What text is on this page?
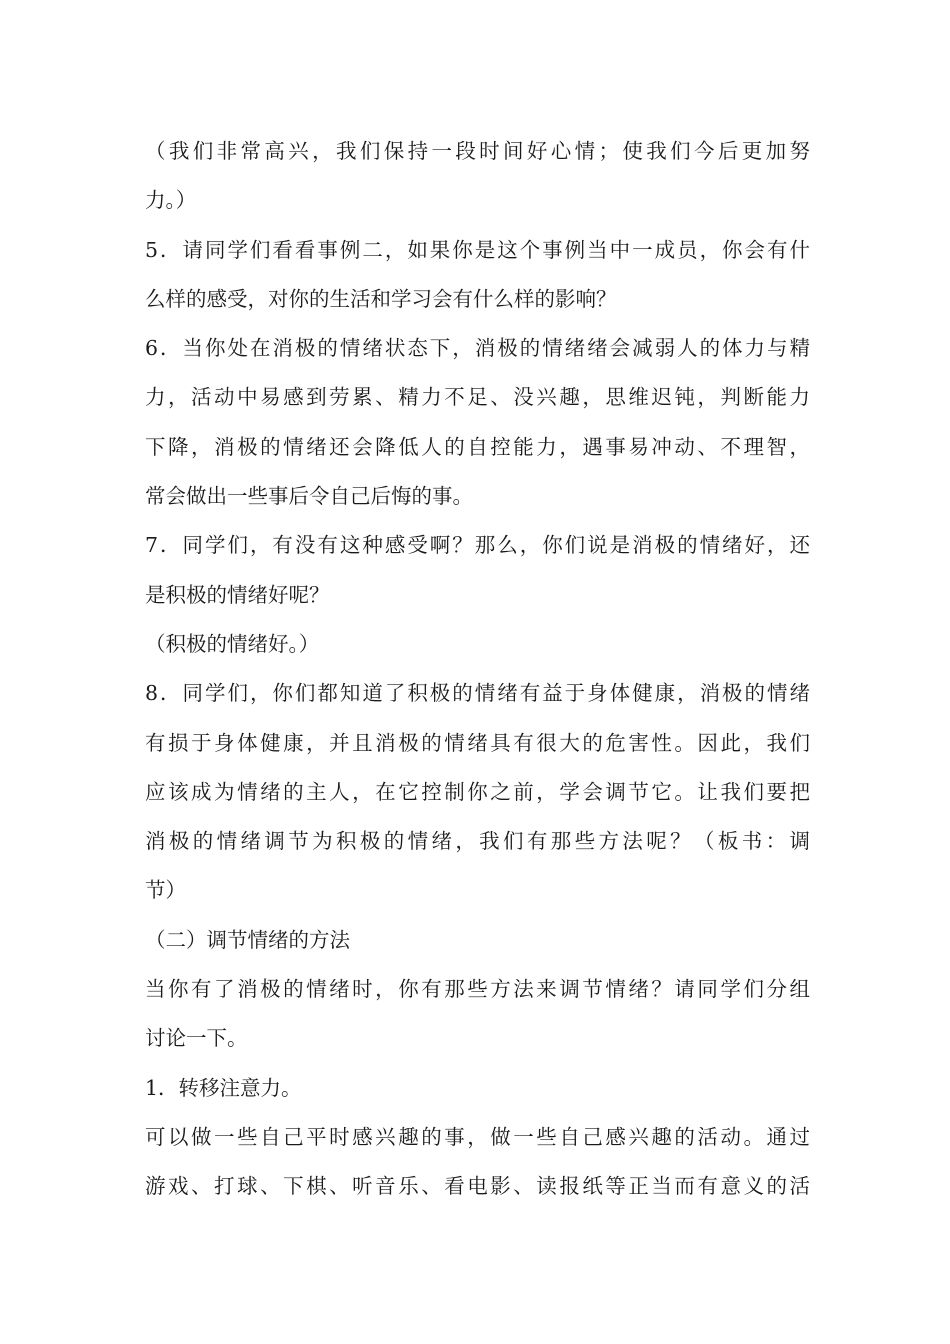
（我们非常高兴，我们保持一段时间好心情；使我们今后更加努
力。）
5．请同学们看看事例二，如果你是这个事例当中一成员，你会有什
么样的感受，对你的生活和学习会有什么样的影响？
6．当你处在消极的情绪状态下，消极的情绪绪会减弱人的体力与精
力，活动中易感到劳累、精力不足、没兴趣，思维迟钝，判断能力
下降，消极的情绪还会降低人的自控能力，遇事易冲动、不理智，
常会做出一些事后令自己后悔的事。
7．同学们，有没有这种感受啊？那么，你们说是消极的情绪好，还
是积极的情绪好呢？
（积极的情绪好。）
8．同学们，你们都知道了积极的情绪有益于身体健康，消极的情绪
有损于身体健康，并且消极的情绪具有很大的危害性。因此，我们
应该成为情绪的主人，在它控制你之前，学会调节它。让我们要把
消极的情绪调节为积极的情绪，我们有那些方法呢？（板书：调
节）
（二）调节情绪的方法
当你有了消极的情绪时，你有那些方法来调节情绪？请同学们分组
讨论一下。
1．转移注意力。
可以做一些自己平时感兴趣的事，做一些自己感兴趣的活动。通过
游戏、打球、下棋、听音乐、看电影、读报纸等正当而有意义的活
